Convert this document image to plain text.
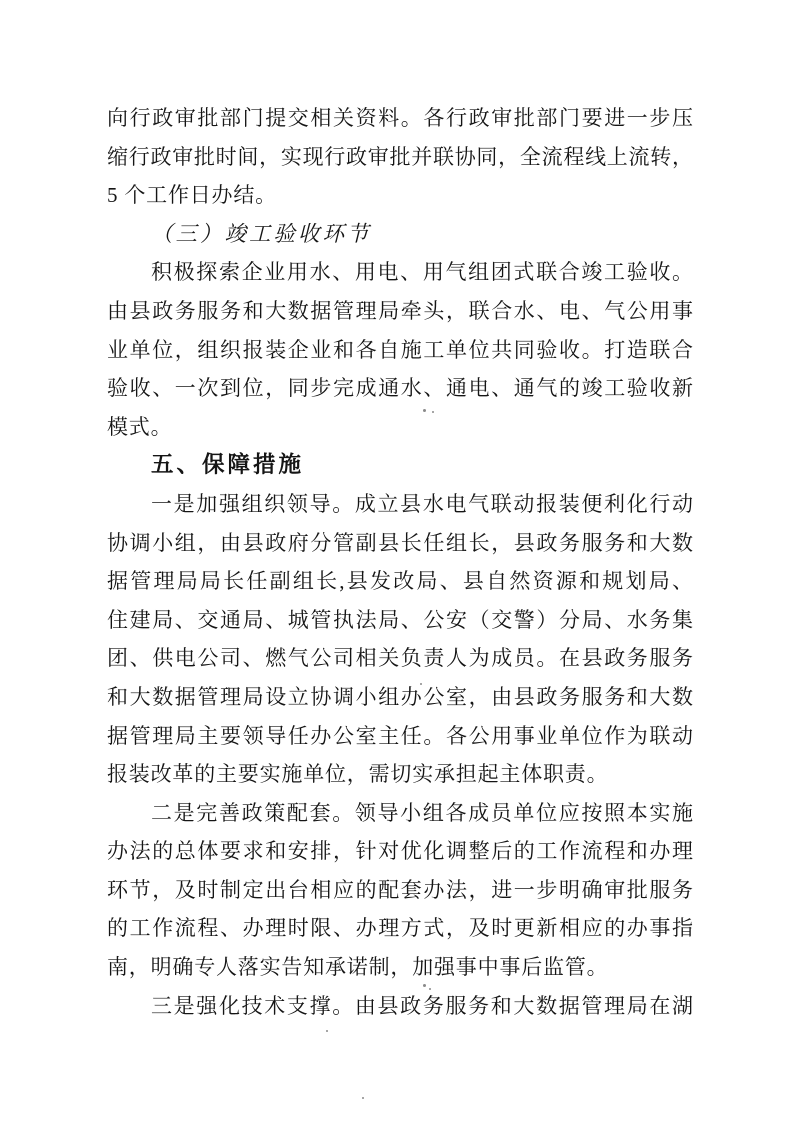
向行政审批部门提交相关资料。各行政审批部门要进一步压
缩行政审批时间，实现行政审批并联协同，全流程线上流转，
5 个工作日办结。
（三）竣工验收环节
积极探索企业用水、用电、用气组团式联合竣工验收。
由县政务服务和大数据管理局牵头，联合水、电、气公用事
业单位，组织报装企业和各自施工单位共同验收。打造联合
验收、一次到位，同步完成通水、通电、通气的竣工验收新
模式。
五、保障措施
一是加强组织领导。成立县水电气联动报装便利化行动
协调小组，由县政府分管副县长任组长，县政务服务和大数
据管理局局长任副组长,县发改局、县自然资源和规划局、
住建局、交通局、城管执法局、公安（交警）分局、水务集
团、供电公司、燃气公司相关负责人为成员。在县政务服务
和大数据管理局设立协调小组办公室，由县政务服务和大数
据管理局主要领导任办公室主任。各公用事业单位作为联动
报装改革的主要实施单位，需切实承担起主体职责。
二是完善政策配套。领导小组各成员单位应按照本实施
办法的总体要求和安排，针对优化调整后的工作流程和办理
环节，及时制定出台相应的配套办法，进一步明确审批服务
的工作流程、办理时限、办理方式，及时更新相应的办事指
南，明确专人落实告知承诺制，加强事中事后监管。
三是强化技术支撑。由县政务服务和大数据管理局在湖
